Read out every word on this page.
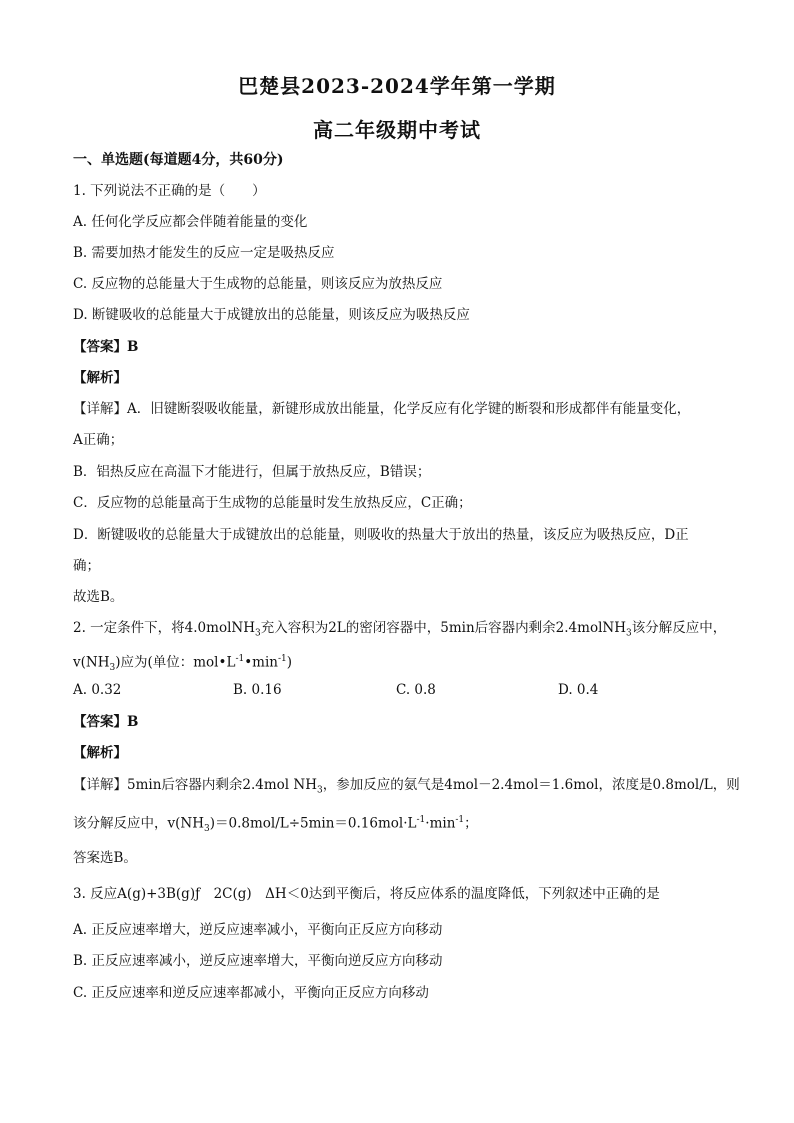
巴楚县2023-2024学年第一学期
高二年级期中考试
一、单选题(每道题4分，共60分)
1. 下列说法不正确的是（　　）
A. 任何化学反应都会伴随着能量的变化
B. 需要加热才能发生的反应一定是吸热反应
C. 反应物的总能量大于生成物的总能量，则该反应为放热反应
D. 断键吸收的总能量大于成键放出的总能量，则该反应为吸热反应
【答案】B
【解析】
【详解】A．旧键断裂吸收能量，新键形成放出能量，化学反应有化学键的断裂和形成都伴有能量变化，
A正确；
B．铝热反应在高温下才能进行，但属于放热反应，B错误；
C．反应物的总能量高于生成物的总能量时发生放热反应，C正确；
D．断键吸收的总能量大于成键放出的总能量，则吸收的热量大于放出的热量，该反应为吸热反应，D正
确；
故选B。
2. 一定条件下，将4.0molNH$_3$充入容积为2L的密闭容器中，5min后容器内剩余2.4molNH$_3$该分解反应中，
$v(NH_3)$应为(单位：$mol•L^{-1}•\min^{-1}$)
A. 0.32	B. 0.16	C. 0.8	D. 0.4
【答案】B
【解析】
【详解】5min后容器内剩余2.4mol $NH_3$，参加反应的氨气是4mol－2.4mol＝1.6mol，浓度是0.8mol/L，则
该分解反应中，$v(NH_3)=0.8mol/L\div 5\min=0.16mol\cdot L^{-1}\cdot\min^{-1}$；
答案选B。
3. 反应A(g)+3B(g)ƒ　2C(g)　ΔH＜0达到平衡后，将反应体系的温度降低，下列叙述中正确的是
A. 正反应速率增大，逆反应速率减小，平衡向正反应方向移动
B. 正反应速率减小，逆反应速率增大，平衡向逆反应方向移动
C. 正反应速率和逆反应速率都减小，平衡向正反应方向移动
